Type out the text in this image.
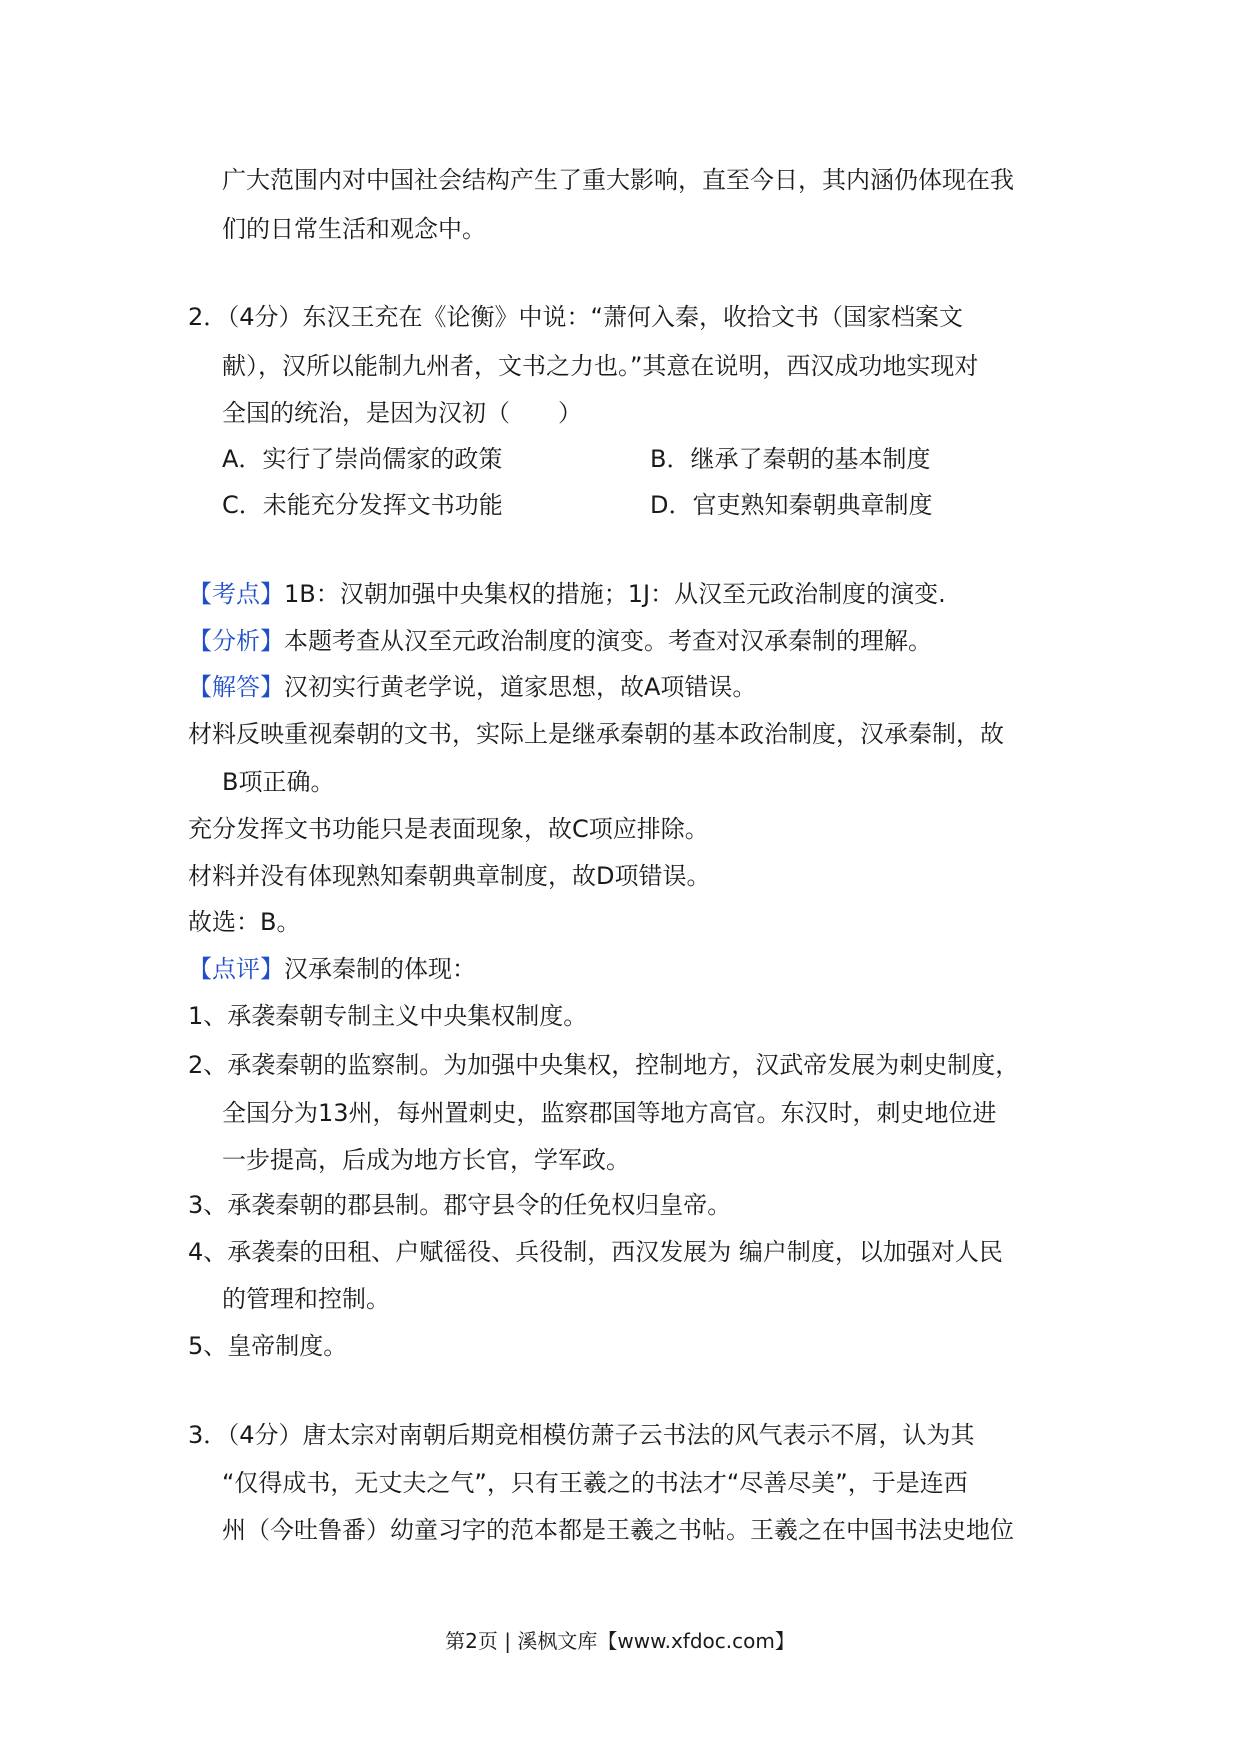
广大范围内对中国社会结构产生了重大影响，直至今日，其内涵仍体现在我
们的日常生活和观念中。
2．（4分）东汉王充在《论衡》中说：“萧何入秦，收拾文书（国家档案文
献），汉所以能制九州者，文书之力也。”其意在说明，西汉成功地实现对
全国的统治，是因为汉初（　　）
A．实行了崇尚儒家的政策	B．继承了秦朝的基本制度
C．未能充分发挥文书功能	D．官吏熟知秦朝典章制度
【考点】1B：汉朝加强中央集权的措施；1J：从汉至元政治制度的演变.
【分析】本题考查从汉至元政治制度的演变。考查对汉承秦制的理解。
【解答】汉初实行黄老学说，道家思想，故A项错误。
材料反映重视秦朝的文书，实际上是继承秦朝的基本政治制度，汉承秦制，故
B项正确。
充分发挥文书功能只是表面现象，故C项应排除。
材料并没有体现熟知秦朝典章制度，故D项错误。
故选：B。
【点评】汉承秦制的体现：
1、承袭秦朝专制主义中央集权制度。
2、承袭秦朝的监察制。为加强中央集权，控制地方，汉武帝发展为刺史制度，
全国分为13州，每州置刺史，监察郡国等地方高官。东汉时，刺史地位进
一步提高，后成为地方长官，学军政。
3、承袭秦朝的郡县制。郡守县令的任免权归皇帝。
4、承袭秦的田租、户赋徭役、兵役制，西汉发展为 编户制度，以加强对人民
的管理和控制。
5、皇帝制度。
3．（4分）唐太宗对南朝后期竞相模仿萧子云书法的风气表示不屑，认为其
“仅得成书，无丈夫之气”，只有王羲之的书法才“尽善尽美”，于是连西
州（今吐鲁番）幼童习字的范本都是王羲之书帖。王羲之在中国书法史地位
第2页 | 溪枫文库【www.xfdoc.com】
